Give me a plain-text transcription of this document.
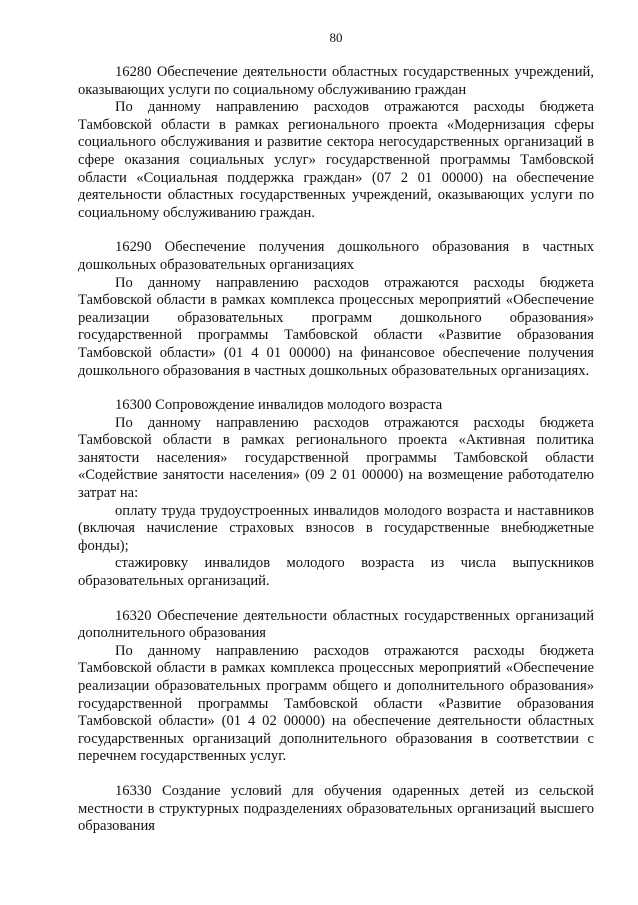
80

16280 Обеспечение деятельности областных государственных учреждений, оказывающих услуги по социальному обслуживанию граждан

По данному направлению расходов отражаются расходы бюджета Тамбовской области в рамках регионального проекта «Модернизация сферы социального обслуживания и развитие сектора негосударственных организаций в сфере оказания социальных услуг» государственной программы Тамбовской области «Социальная поддержка граждан» (07 2 01 00000) на обеспечение деятельности областных государственных учреждений, оказывающих услуги по социальному обслуживанию граждан.

16290 Обеспечение получения дошкольного образования в частных дошкольных образовательных организациях

По данному направлению расходов отражаются расходы бюджета Тамбовской области в рамках комплекса процессных мероприятий «Обеспечение реализации образовательных программ дошкольного образования» государственной программы Тамбовской области «Развитие образования Тамбовской области» (01 4 01 00000) на финансовое обеспечение получения дошкольного образования в частных дошкольных образовательных организациях.

16300 Сопровождение инвалидов молодого возраста

По данному направлению расходов отражаются расходы бюджета Тамбовской области в рамках регионального проекта «Активная политика занятости населения» государственной программы Тамбовской области «Содействие занятости населения» (09 2 01 00000) на возмещение работодателю затрат на:

оплату труда трудоустроенных инвалидов молодого возраста и наставников (включая начисление страховых взносов в государственные внебюджетные фонды);

стажировку инвалидов молодого возраста из числа выпускников образовательных организаций.

16320 Обеспечение деятельности областных государственных организаций дополнительного образования

По данному направлению расходов отражаются расходы бюджета Тамбовской области в рамках комплекса процессных мероприятий «Обеспечение реализации образовательных программ общего и дополнительного образования» государственной программы Тамбовской области «Развитие образования Тамбовской области» (01 4 02 00000) на обеспечение деятельности областных государственных организаций дополнительного образования в соответствии с перечнем государственных услуг.

16330 Создание условий для обучения одаренных детей из сельской местности в структурных подразделениях образовательных организаций высшего образования
